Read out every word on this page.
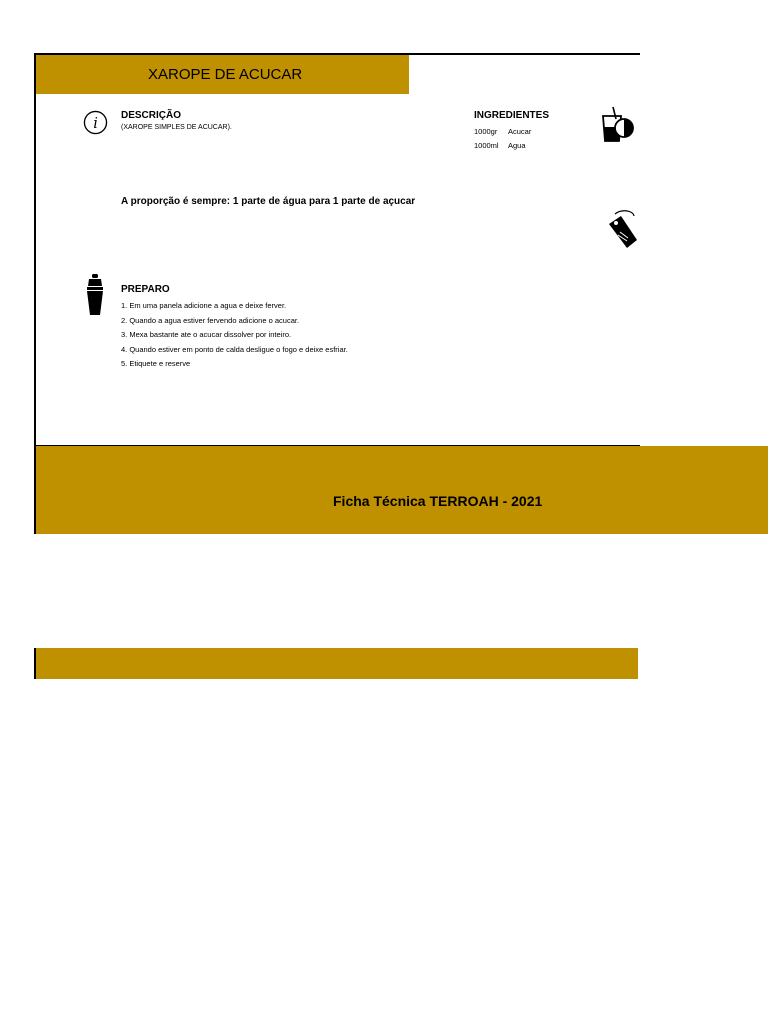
XAROPE DE ACUCAR
i
DESCRIÇÃO
(XAROPE SIMPLES DE ACUCAR).
INGREDIENTES
1000gr Acucar
1000ml Agua
A proporção é sempre: 1 parte de água para 1 parte de açucar
PREPARO
1. Em uma panela adicione a agua e deixe ferver.
2. Quando a agua estiver fervendo adicione o acucar.
3. Mexa bastante ate o acucar dissolver por inteiro.
4. Quando estiver em ponto de calda desligue o fogo e deixe esfriar.
5. Etiquete e reserve
Ficha Técnica TERROAH - 2021
